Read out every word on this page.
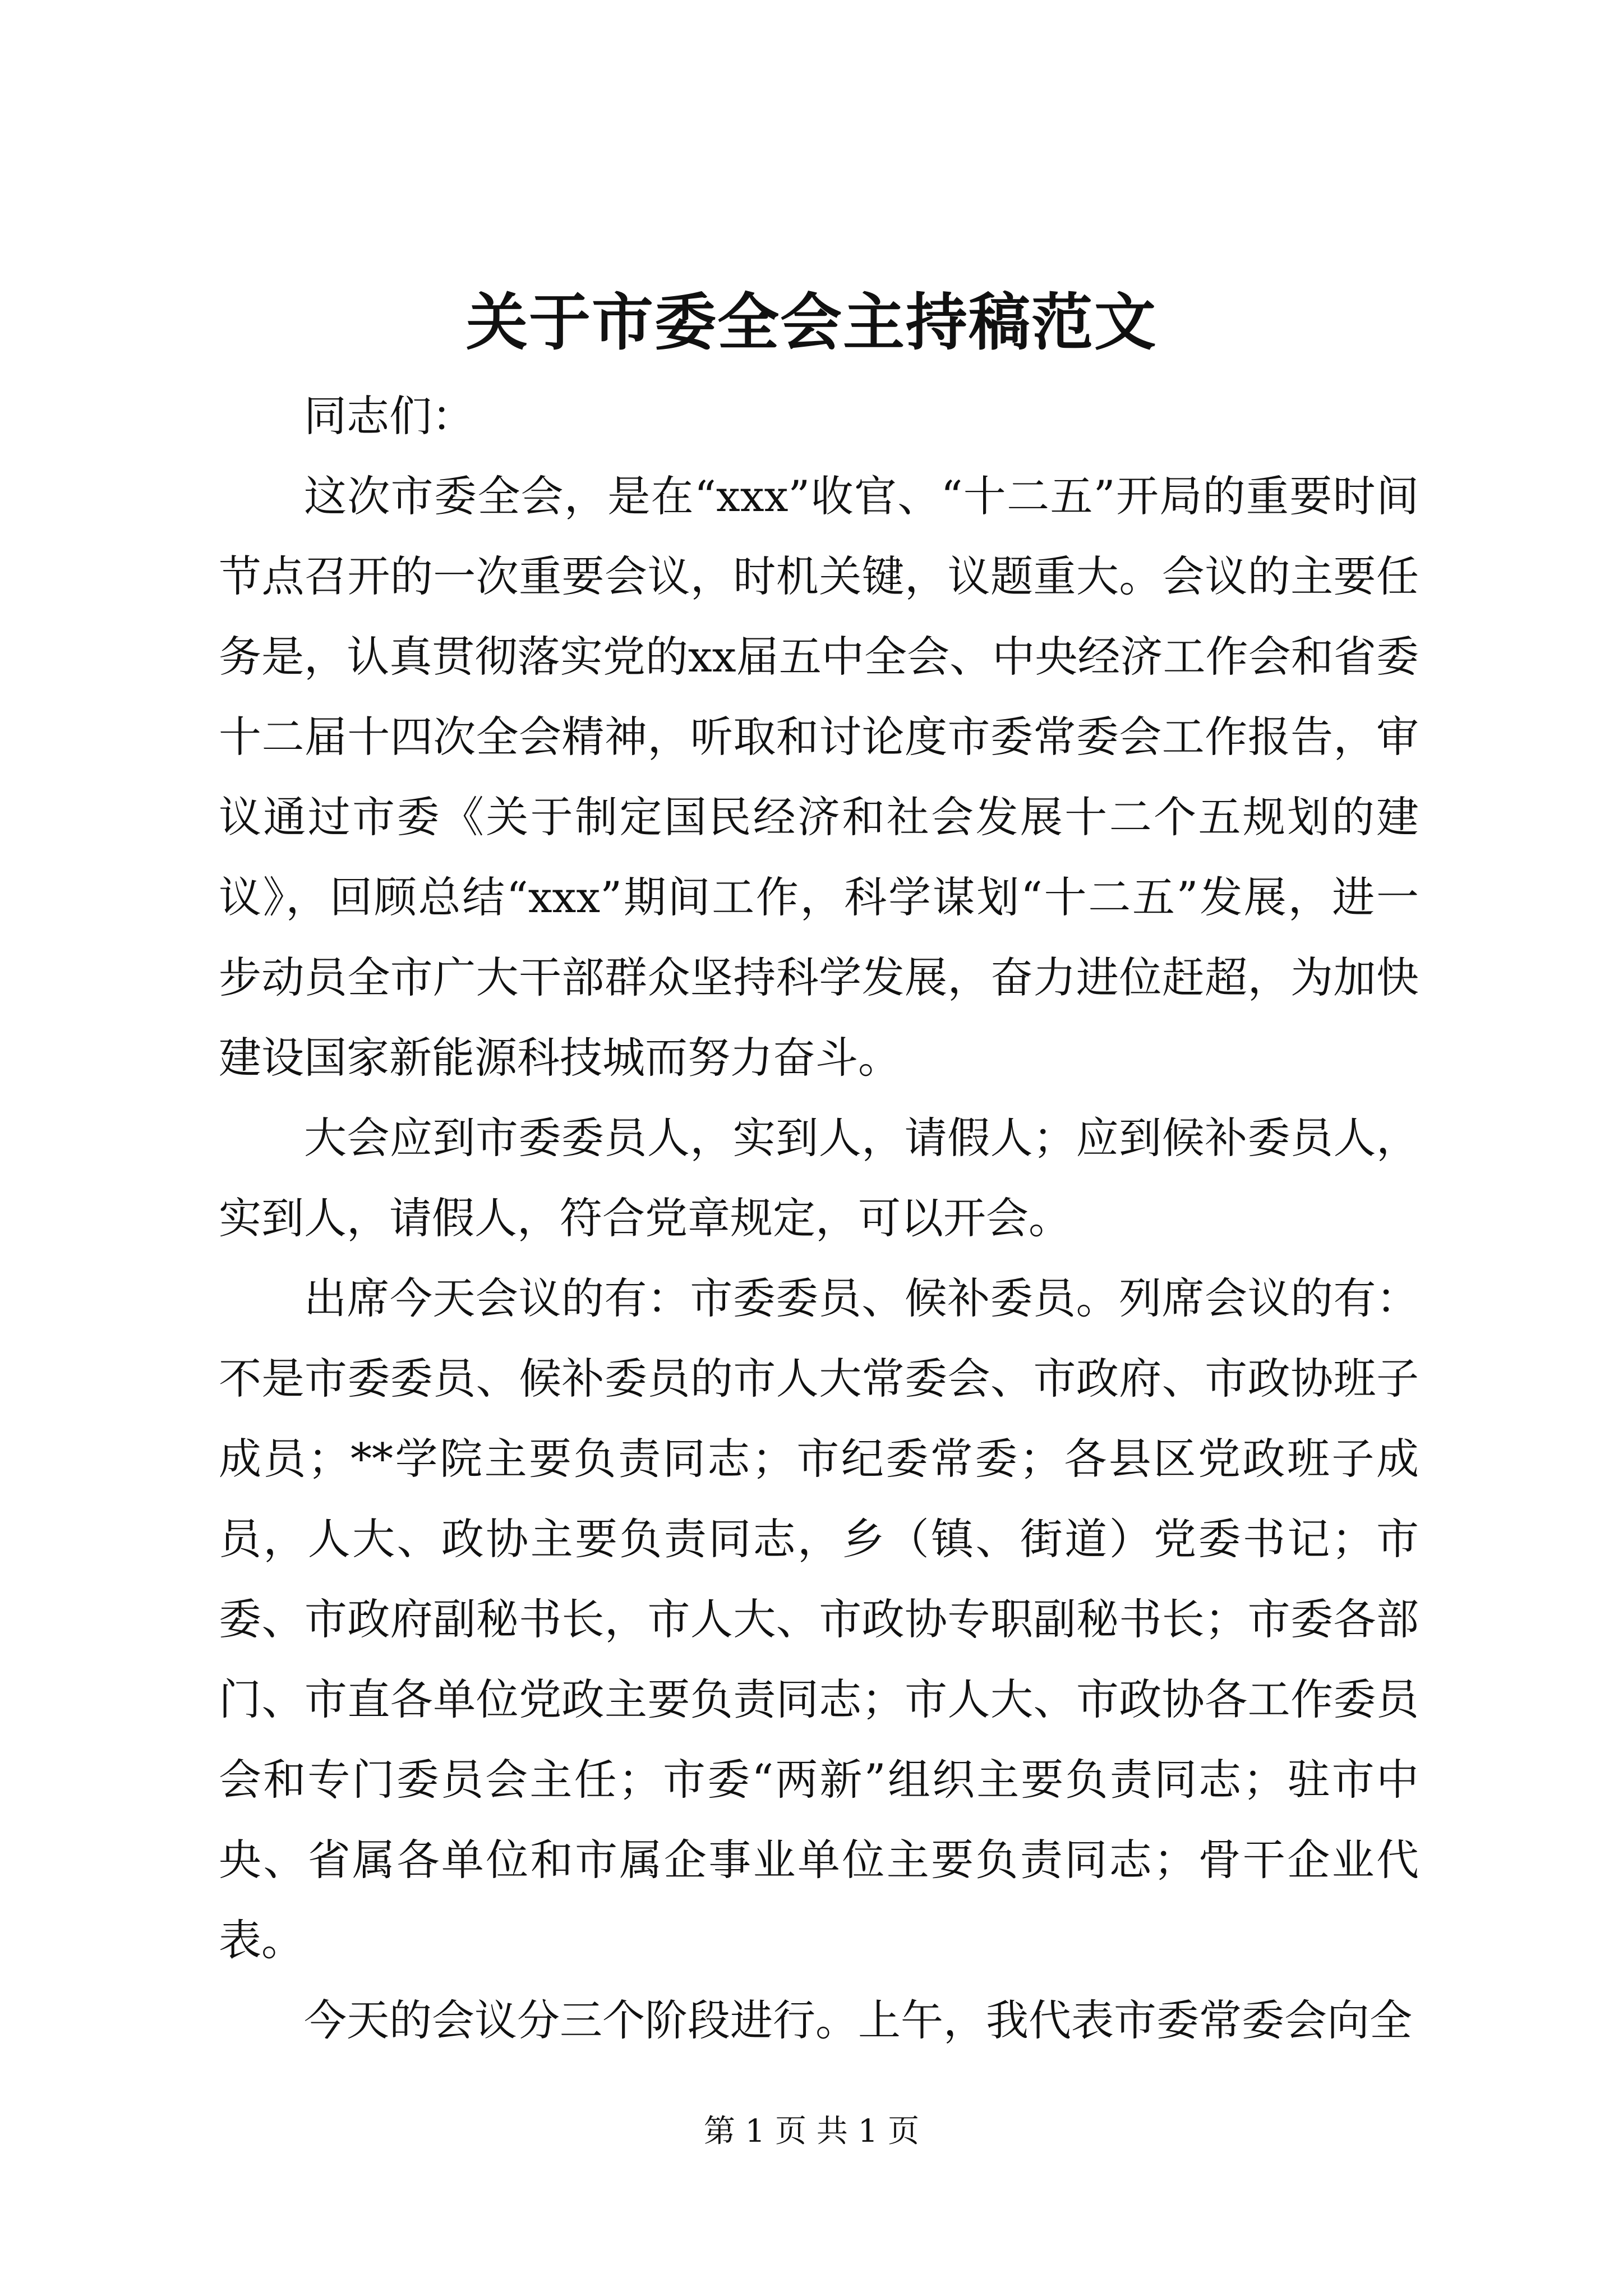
关于市委全会主持稿范文

同志们：

这次市委全会，是在“xxx”收官、“十二五”开局的重要时间节点召开的一次重要会议，时机关键，议题重大。会议的主要任务是，认真贯彻落实党的xx届五中全会、中央经济工作会和省委十二届十四次全会精神，听取和讨论度市委常委会工作报告，审议通过市委《关于制定国民经济和社会发展十二个五规划的建议》，回顾总结“xxx”期间工作，科学谋划“十二五”发展，进一步动员全市广大干部群众坚持科学发展，奋力进位赶超，为加快建设国家新能源科技城而努力奋斗。

大会应到市委委员人，实到人，请假人；应到候补委员人，实到人，请假人，符合党章规定，可以开会。

出席今天会议的有：市委委员、候补委员。列席会议的有：不是市委委员、候补委员的市人大常委会、市政府、市政协班子成员；**学院主要负责同志；市纪委常委；各县区党政班子成员，人大、政协主要负责同志，乡（镇、街道）党委书记；市委、市政府副秘书长，市人大、市政协专职副秘书长；市委各部门、市直各单位党政主要负责同志；市人大、市政协各工作委员会和专门委员会主任；市委“两新”组织主要负责同志；驻市中央、省属各单位和市属企事业单位主要负责同志；骨干企业代表。

今天的会议分三个阶段进行。上午，我代表市委常委会向全

第 1 页 共 1 页
